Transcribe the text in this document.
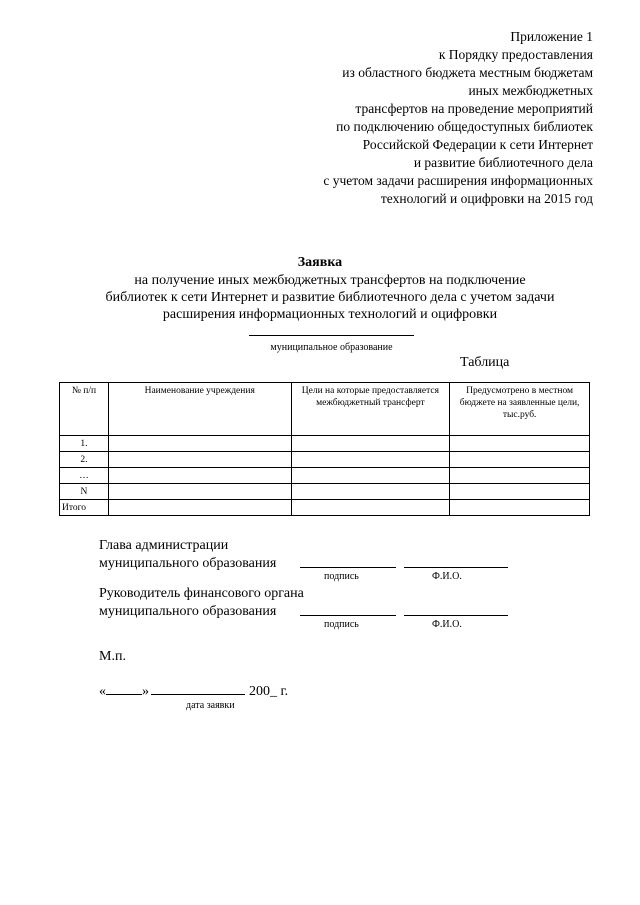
Приложение 1
к Порядку предоставления
из областного бюджета местным бюджетам
иных межбюджетных
трансфертов на проведение мероприятий
по подключению общедоступных библиотек
Российской Федерации к сети Интернет
и развитие библиотечного дела
с учетом задачи расширения информационных
технологий и оцифровки на 2015 год
Заявка
на получение иных межбюджетных трансфертов на подключение
библиотек к сети Интернет и развитие библиотечного дела с учетом задачи
расширения информационных технологий и оцифровки
муниципальное образование
Таблица
№ п/п	Наименование учреждения	Цели на которые предоставляется межбюджетный трансферт	Предусмотрено в местном бюджете на заявленные цели, тыс.руб.
1.			
2.			
…			
N			
Итого			
Глава администрации
муниципального образования
подпись	Ф.И.О.
Руководитель финансового органа
муниципального образования
подпись	Ф.И.О.
М.п.
«	»	200_ г.
дата заявки
